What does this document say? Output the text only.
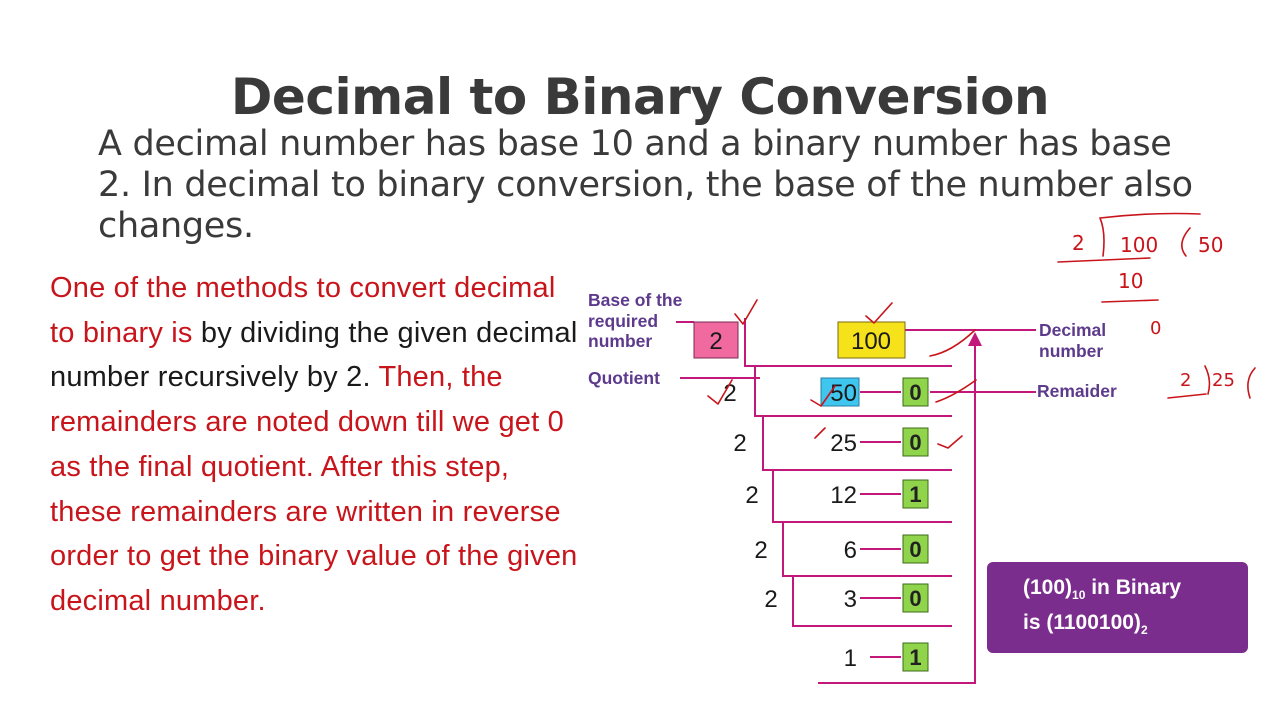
Decimal to Binary Conversion
A decimal number has base 10 and a binary number has base 2. In decimal to binary conversion, the base of the number also changes.
One of the methods to convert decimal to binary is by dividing the given decimal number recursively by 2. Then, the remainders are noted down till we get 0 as the final quotient. After this step, these remainders are written in reverse order to get the binary value of the given decimal number.
Base of the
required
number
Quotient
Decimal
number
Remaider
2	100
2	50 0
2	25 0
2	12 1
2	6 0
2	3 0
1 1
2 100 50
10
0
2 25
$(100)_{10}$ in Binary
is $(1100100)_2$
